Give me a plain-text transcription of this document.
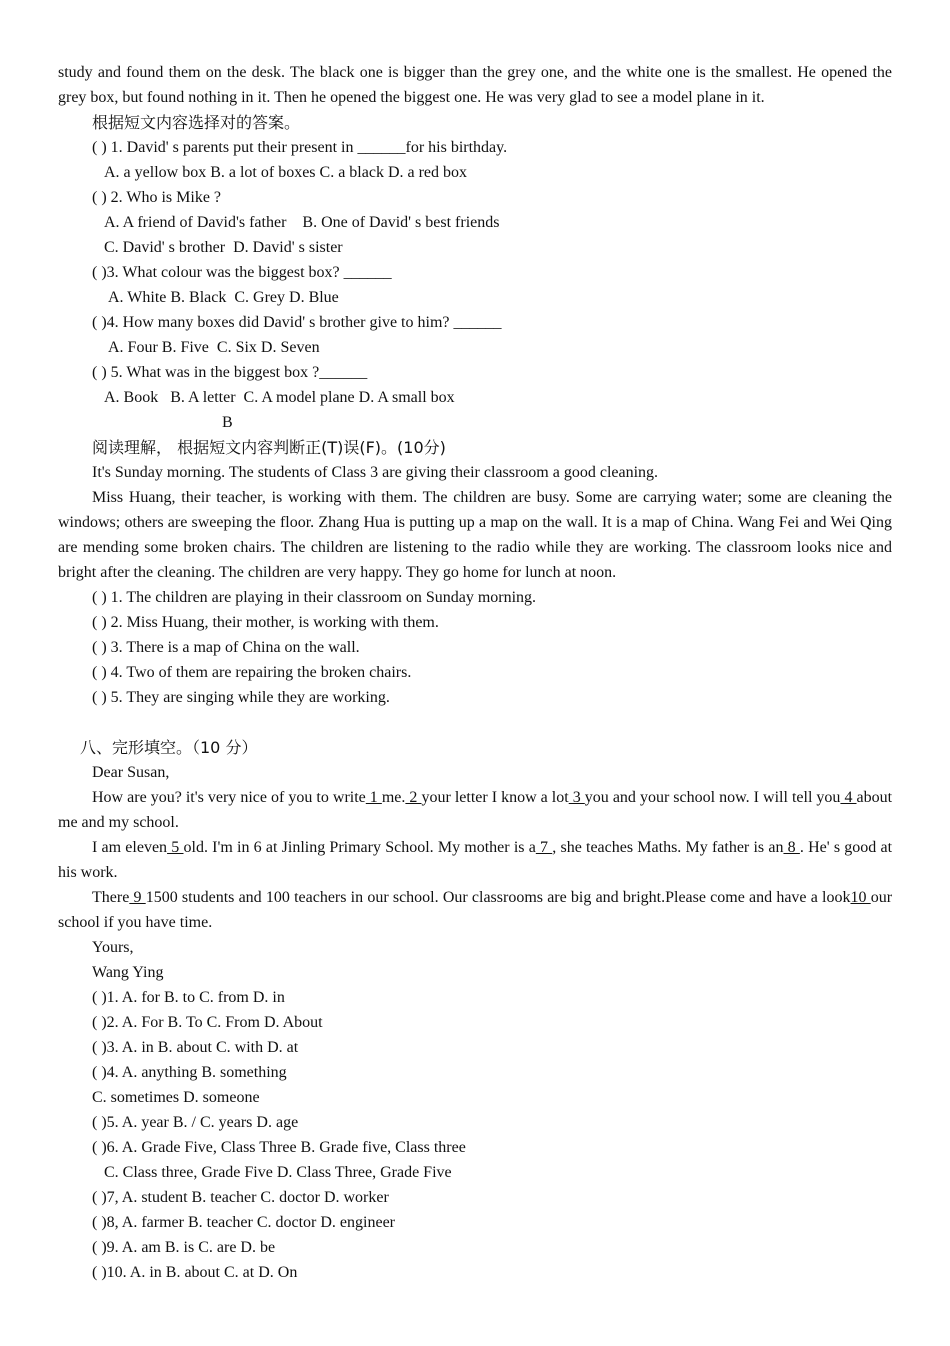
study and found them on the desk. The black one is bigger than the grey one, and the white one is the smallest. He opened the grey box, but found nothing in it. Then he opened the biggest one. He was very glad to see a model plane in it.

根据短文内容选择对的答案。

( ) 1. David' s parents put their present in ______for his birthday.

A. a yellow box B. a lot of boxes C. a black D. a red box

( ) 2. Who is Mike ?

A. A friend of David's father    B. One of David' s best friends

C. David' s brother  D. David' s sister

( )3. What colour was the biggest box? ______

A. White B. Black  C. Grey D. Blue

( )4. How many boxes did David' s brother give to him? ______

A. Four B. Five  C. Six D. Seven

( ) 5. What was in the biggest box ?______

A. Book   B. A letter  C. A model plane D. A small box

B

阅读理解， 根据短文内容判断正(T)误(F)。(10分)

It's Sunday morning. The students of Class 3 are giving their classroom a good cleaning.

Miss Huang, their teacher, is working with them. The children are busy. Some are carrying water; some are cleaning the windows; others are sweeping the floor. Zhang Hua is putting up a map on the wall. It is a map of China. Wang Fei and Wei Qing are mending some broken chairs. The children are listening to the radio while they are working. The classroom looks nice and bright after the cleaning. The children are very happy. They go home for lunch at noon.

( ) 1. The children are playing in their classroom on Sunday morning.

( ) 2. Miss Huang, their mother, is working with them.

( ) 3. There is a map of China on the wall.

( ) 4. Two of them are repairing the broken chairs.

( ) 5. They are singing while they are working.

八、完形填空。（10 分）

Dear Susan,

How are you? it's very nice of you to write 1 me. 2 your letter I know a lot 3 you and your school now. I will tell you 4 about me and my school.

I am eleven 5 old. I'm in 6 at Jinling Primary School. My mother is a 7 , she teaches Maths. My father is an 8 . He' s good at his work.

There 9 1500 students and 100 teachers in our school. Our classrooms are big and bright.Please come and have a look10 our school if you have time.

Yours,

Wang Ying

( )1. A. for B. to C. from D. in

( )2. A. For B. To C. From D. About

( )3. A. in B. about C. with D. at

( )4. A. anything B. something

C. sometimes D. someone

( )5. A. year B. / C. years D. age

( )6. A. Grade Five, Class Three B. Grade five, Class three

C. Class three, Grade Five D. Class Three, Grade Five

( )7, A. student B. teacher C. doctor D. worker

( )8, A. farmer B. teacher C. doctor D. engineer

( )9. A. am B. is C. are D. be

( )10. A. in B. about C. at D. On
